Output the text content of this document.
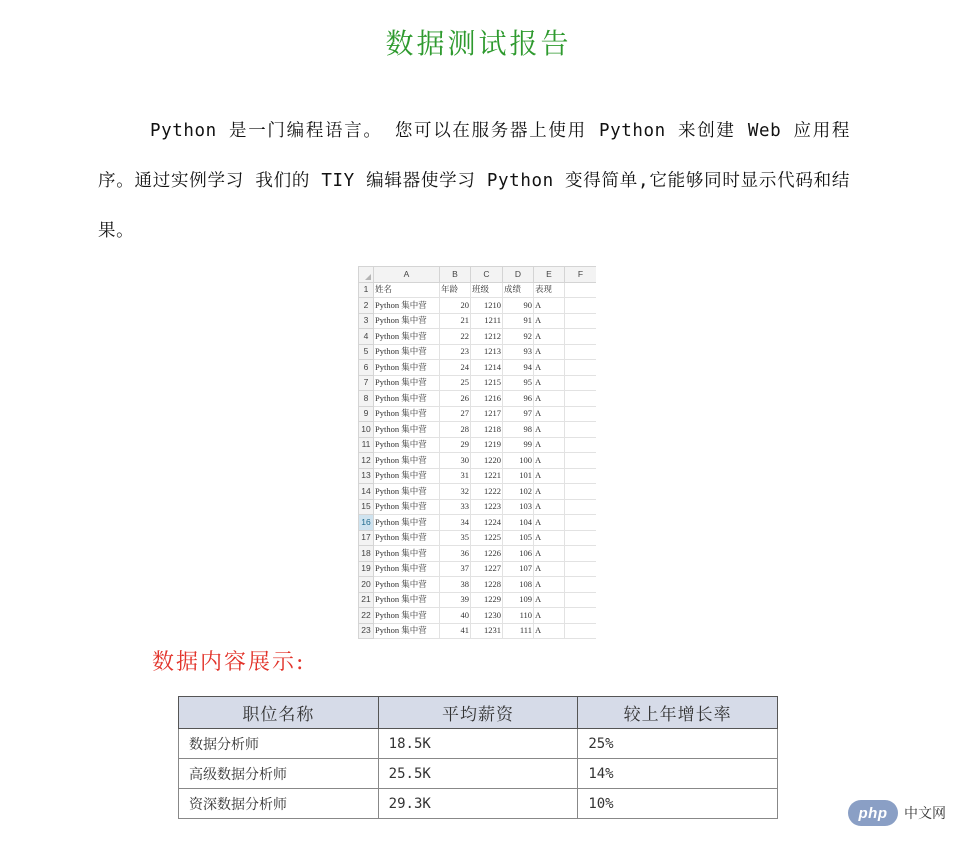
数据测试报告

Python 是一门编程语言。 您可以在服务器上使用 Python 来创建 Web 应用程序。通过实例学习 我们的 TIY 编辑器使学习 Python 变得简单,它能够同时显示代码和结果。

	A	B	C	D	E	F
1	姓名	年龄	班级	成绩	表现	
2	Python 集中营	20	1210	90	A	
3	Python 集中营	21	1211	91	A	
4	Python 集中营	22	1212	92	A	
5	Python 集中营	23	1213	93	A	
6	Python 集中营	24	1214	94	A	
7	Python 集中营	25	1215	95	A	
8	Python 集中营	26	1216	96	A	
9	Python 集中营	27	1217	97	A	
10	Python 集中营	28	1218	98	A	
11	Python 集中营	29	1219	99	A	
12	Python 集中营	30	1220	100	A	
13	Python 集中营	31	1221	101	A	
14	Python 集中营	32	1222	102	A	
15	Python 集中营	33	1223	103	A	
16	Python 集中营	34	1224	104	A	
17	Python 集中营	35	1225	105	A	
18	Python 集中营	36	1226	106	A	
19	Python 集中营	37	1227	107	A	
20	Python 集中营	38	1228	108	A	
21	Python 集中营	39	1229	109	A	
22	Python 集中营	40	1230	110	A	
23	Python 集中营	41	1231	111	A	
数据内容展示:
职位名称	平均薪资	较上年增长率
数据分析师	18.5K	25%
高级数据分析师	25.5K	14%
资深数据分析师	29.3K	10%
php	中文网
